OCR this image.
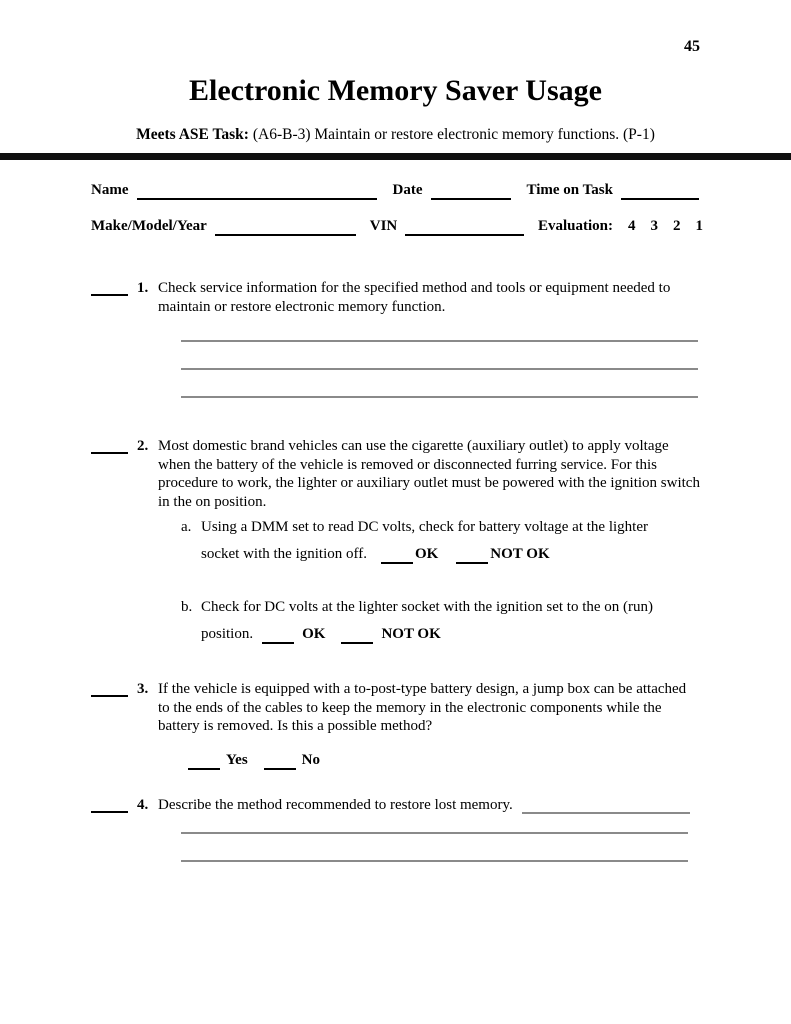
45
Electronic Memory Saver Usage
Meets ASE Task: (A6-B-3) Maintain or restore electronic memory functions. (P-1)
Name	Date	Time on Task
Make/Model/Year	VIN	Evaluation: 4 3 2 1
1. Check service information for the specified method and tools or equipment needed to maintain or restore electronic memory function.
2. Most domestic brand vehicles can use the cigarette (auxiliary outlet) to apply voltage when the battery of the vehicle is removed or disconnected furring service. For this procedure to work, the lighter or auxiliary outlet must be powered with the ignition switch in the on position.
a. Using a DMM set to read DC volts, check for battery voltage at the lighter
socket with the ignition off.	OK	NOT OK
b. Check for DC volts at the lighter socket with the ignition set to the on (run)
position.	OK	NOT OK
3. If the vehicle is equipped with a to-post-type battery design, a jump box can be attached to the ends of the cables to keep the memory in the electronic components while the battery is removed. Is this a possible method?
Yes	No
4. Describe the method recommended to restore lost memory.
